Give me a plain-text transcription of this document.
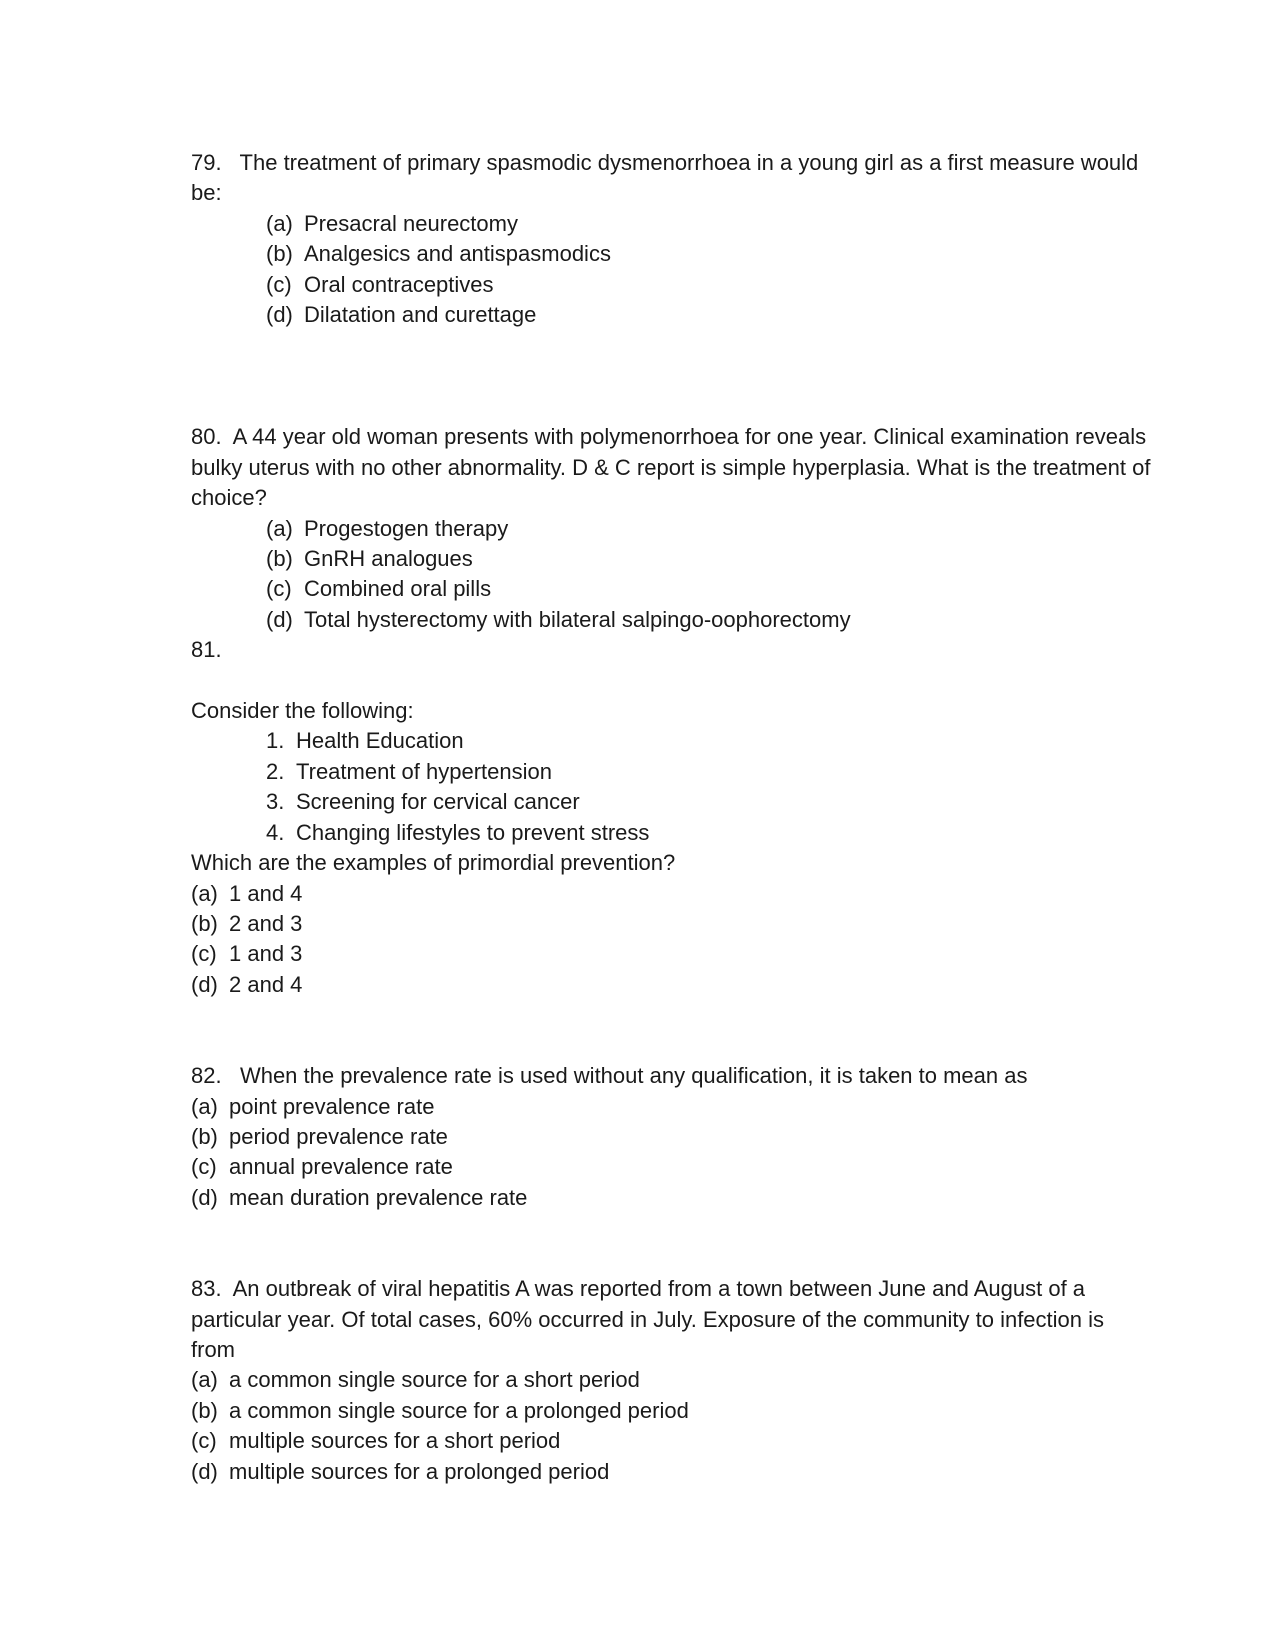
79. The treatment of primary spasmodic dysmenorrhoea in a young girl as a first measure would be:
(a) Presacral neurectomy
(b) Analgesics and antispasmodics
(c) Oral contraceptives
(d) Dilatation and curettage
80. A 44 year old woman presents with polymenorrhoea for one year. Clinical examination reveals bulky uterus with no other abnormality. D & C report is simple hyperplasia. What is the treatment of choice?
(a) Progestogen therapy
(b) GnRH analogues
(c) Combined oral pills
(d) Total hysterectomy with bilateral salpingo-oophorectomy
81.
Consider the following:
1. Health Education
2. Treatment of hypertension
3. Screening for cervical cancer
4. Changing lifestyles to prevent stress
Which are the examples of primordial prevention?
(a) 1 and 4
(b) 2 and 3
(c) 1 and 3
(d) 2 and 4
82. When the prevalence rate is used without any qualification, it is taken to mean as
(a) point prevalence rate
(b) period prevalence rate
(c) annual prevalence rate
(d) mean duration prevalence rate
83. An outbreak of viral hepatitis A was reported from a town between June and August of a particular year. Of total cases, 60% occurred in July. Exposure of the community to infection is from
(a) a common single source for a short period
(b) a common single source for a prolonged period
(c) multiple sources for a short period
(d) multiple sources for a prolonged period
